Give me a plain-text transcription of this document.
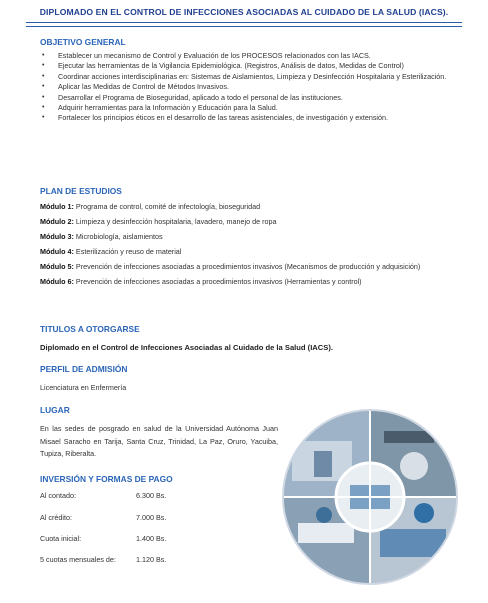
DIPLOMADO EN EL CONTROL DE INFECCIONES ASOCIADAS AL CUIDADO DE LA SALUD (IACS).
OBJETIVO GENERAL
• Establecer un mecanismo de Control y Evaluación de los PROCESOS relacionados con las IACS.
• Ejecutar las herramientas de la Vigilancia Epidemiológica. (Registros, Análisis de datos, Medidas de Control)
• Coordinar acciones interdisciplinarias en: Sistemas de Aislamientos, Limpieza y Desinfección Hospitalaria y Esterilización.
• Aplicar las Medidas de Control de Métodos Invasivos.
• Desarrollar el Programa de Bioseguridad, aplicado a todo el personal de las instituciones.
• Adquirir herramientas para la Información y Educación para la Salud.
• Fortalecer los principios éticos en el desarrollo de las tareas asistenciales, de investigación y extensión.
PLAN DE ESTUDIOS
Módulo 1: Programa de control, comité de infectología, bioseguridad
Módulo 2: Limpieza y desinfección hospitalaria, lavadero, manejo de ropa
Módulo 3: Microbiología, aislamientos
Módulo 4: Esterilización y reuso de material
Módulo 5: Prevención de infecciones asociadas a procedimientos invasivos (Mecanismos de producción y adquisición)
Módulo 6: Prevención de infecciones asociadas a procedimientos invasivos (Herramientas y control)
TITULOS A OTORGARSE
Diplomado en el Control de Infecciones Asociadas al Cuidado de la Salud (IACS).
PERFIL DE ADMISIÓN
Licenciatura en Enfermería
LUGAR
En las sedes de posgrado en salud de la Universidad Autónoma Juan Misael Saracho en Tarija, Santa Cruz, Trinidad, La Paz, Oruro, Yacuiba, Tupiza, Riberalta.
INVERSIÓN Y FORMAS DE PAGO
Al contado:	6.300 Bs.
Al crédito:	7.000 Bs.
Cuota inicial:	1.400 Bs.
5 cuotas mensuales de:	1.120 Bs.
